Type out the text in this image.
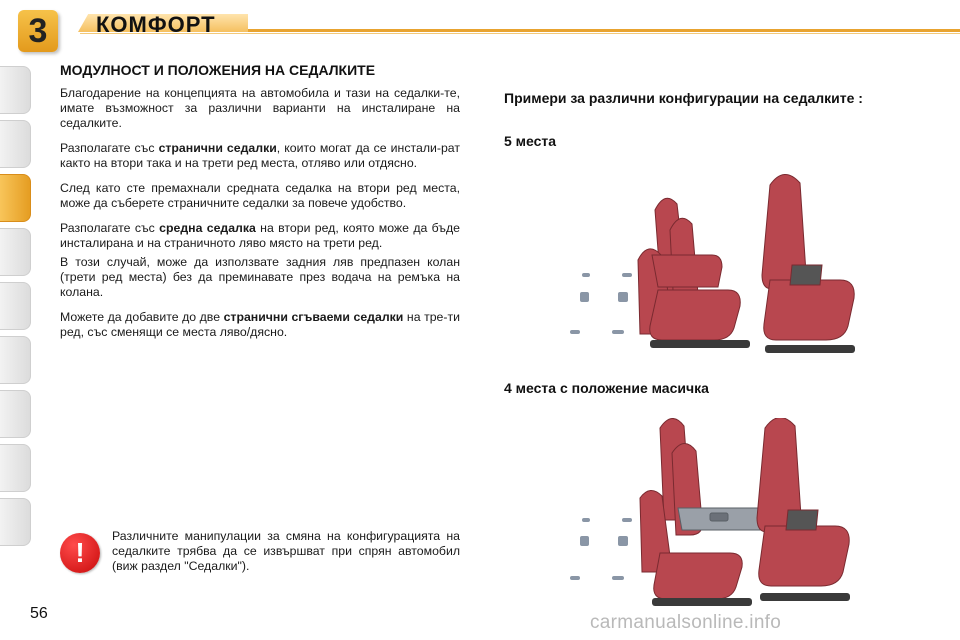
3	КОМФОРТ
МОДУЛНОСТ И ПОЛОЖЕНИЯ НА СЕДАЛКИТЕ

Благодарение на концепцията на автомобила и тази на седалки-те, имате възможност за различни варианти на инсталиране на седалките.

Разполагате със странични седалки, които могат да се инстали-рат както на втори така и на трети ред места, отляво или отдясно.

След като сте премахнали средната седалка на втори ред места, може да съберете страничните седалки за повече удобство.

Разполагате със средна седалка на втори ред, която може да бъде инсталирана и на страничното ляво място на трети ред.

В този случай, може да използвате задния ляв предпазен колан (трети ред места) без да преминавате през водача на ремъка на колана.

Можете да добавите до две странични сгъваеми седалки на тре-ти ред, със сменящи се места ляво/дясно.

!
Различните манипулации за смяна на конфигурацията на седалките трябва да се извършват при спрян автомобил (виж раздел "Седалки").
56
Примери за различни конфигурации на седалките :
5 места
4 места с положение масичка
carmanualsonline.info
